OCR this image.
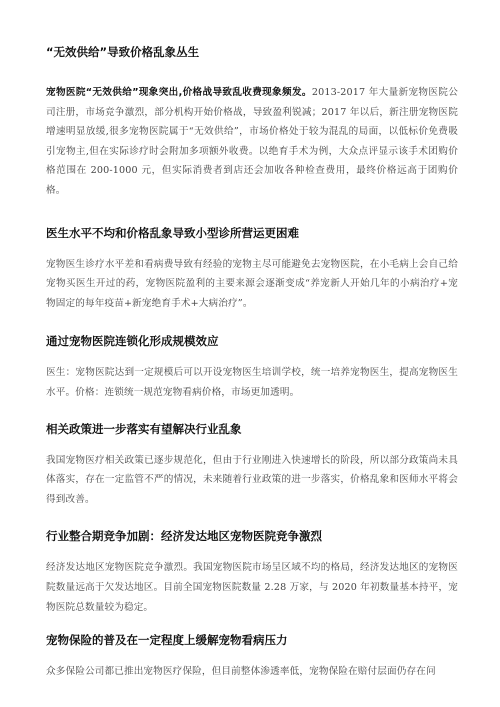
“无效供给”导致价格乱象丛生
宠物医院“无效供给”现象突出,价格战导致乱收费现象频发。2013-2017 年大量新宠物医院公司注册，市场竞争激烈，部分机构开始价格战，导致盈利锐减；2017 年以后，新注册宠物医院增速明显放缓,很多宠物医院属于“无效供给”，市场价格处于较为混乱的局面，以低标价免费吸引宠物主,但在实际诊疗时会附加多项额外收费。以绝育手术为例，大众点评显示该手术团购价格范围在 200-1000 元，但实际消费者到店还会加收各种检查费用，最终价格远高于团购价格。
医生水平不均和价格乱象导致小型诊所营运更困难
宠物医生诊疗水平差和看病费导致有经验的宠物主尽可能避免去宠物医院，在小毛病上会自己给宠物买医生开过的药，宠物医院盈利的主要来源会逐渐变成“养宠新人开始几年的小病治疗+宠物固定的每年疫苗+新宠绝育手术+大病治疗”。
通过宠物医院连锁化形成规模效应
医生：宠物医院达到一定规模后可以开设宠物医生培训学校，统一培养宠物医生，提高宠物医生水平。价格：连锁统一规范宠物看病价格，市场更加透明。
相关政策进一步落实有望解决行业乱象
我国宠物医疗相关政策已逐步规范化，但由于行业刚进入快速增长的阶段，所以部分政策尚未具体落实，存在一定监管不严的情况，未来随着行业政策的进一步落实，价格乱象和医师水平将会得到改善。
行业整合期竞争加剧：经济发达地区宠物医院竞争激烈
经济发达地区宠物医院竞争激烈。我国宠物医院市场呈区域不均的格局，经济发达地区的宠物医院数量远高于欠发达地区。目前全国宠物医院数量 2.28 万家，与 2020 年初数量基本持平，宠物医院总数量较为稳定。
宠物保险的普及在一定程度上缓解宠物看病压力
众多保险公司都已推出宠物医疗保险，但目前整体渗透率低，宠物保险在赔付层面仍存在问
